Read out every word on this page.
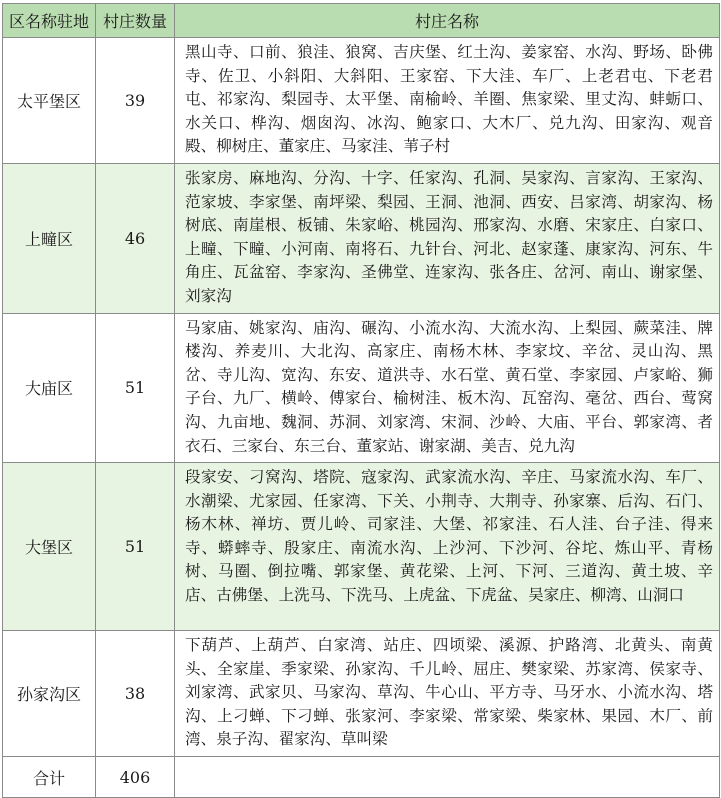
区名称驻地	村庄数量	村庄名称
太平堡区	39	黑山寺、口前、狼洼、狼窝、吉庆堡、红土沟、姜家窑、水沟、野场、卧佛寺、佐卫、小斜阳、大斜阳、王家窑、下大洼、车厂、上老君屯、下老君屯、祁家沟、梨园寺、太平堡、南榆岭、羊圈、焦家梁、里丈沟、蚌蛎口、水关口、桦沟、烟囱沟、冰沟、鲍家口、大木厂、兑九沟、田家沟、观音殿、柳树庄、董家庄、马家洼、苇子村
上疃区	46	张家房、麻地沟、分沟、十字、任家沟、孔洞、吴家沟、言家沟、王家沟、范家坡、李家堡、南坪梁、梨园、王洞、池洞、西安、吕家湾、胡家沟、杨树底、南崖根、板铺、朱家峪、桃园沟、邢家沟、水磨、宋家庄、白家口、上疃、下疃、小河南、南将石、九针台、河北、赵家蓬、康家沟、河东、牛角庄、瓦盆窑、李家沟、圣佛堂、连家沟、张各庄、岔河、南山、谢家堡、刘家沟
大庙区	51	马家庙、姚家沟、庙沟、碾沟、小流水沟、大流水沟、上梨园、蕨菜洼、牌楼沟、养麦川、大北沟、高家庄、南杨木林、李家坟、辛岔、灵山沟、黑岔、寺儿沟、宽沟、东安、道洪寺、水石堂、黄石堂、李家园、卢家峪、狮子台、九厂、横岭、傅家台、榆树洼、板木沟、瓦窑沟、毫岔、西台、莺窝沟、九亩地、魏洞、苏洞、刘家湾、宋洞、沙岭、大庙、平台、郭家湾、者衣石、三家台、东三台、董家站、谢家湖、美吉、兑九沟
大堡区	51	段家安、刁窝沟、塔院、寇家沟、武家流水沟、辛庄、马家流水沟、车厂、水潮梁、尤家园、任家湾、下关、小荆寺、大荆寺、孙家寨、后沟、石门、杨木林、禅坊、贾儿岭、司家洼、大堡、祁家洼、石人洼、台子洼、得来寺、蟒蟀寺、殷家庄、南流水沟、上沙河、下沙河、谷坨、炼山平、青杨树、马圈、倒拉嘴、郭家堡、黄花梁、上河、下河、三道沟、黄土坡、辛店、古佛堡、上洗马、下洗马、上虎盆、下虎盆、吴家庄、柳湾、山洞口
孙家沟区	38	下葫芦、上葫芦、白家湾、站庄、四顷梁、溪源、护路湾、北黄头、南黄头、全家崖、季家梁、孙家沟、千儿岭、屈庄、樊家梁、苏家湾、侯家寺、刘家湾、武家贝、马家沟、草沟、牛心山、平方寺、马牙水、小流水沟、塔沟、上刁蝉、下刁蝉、张家河、李家梁、常家梁、柴家林、果园、木厂、前湾、泉子沟、翟家沟、草叫梁
合计	406	
